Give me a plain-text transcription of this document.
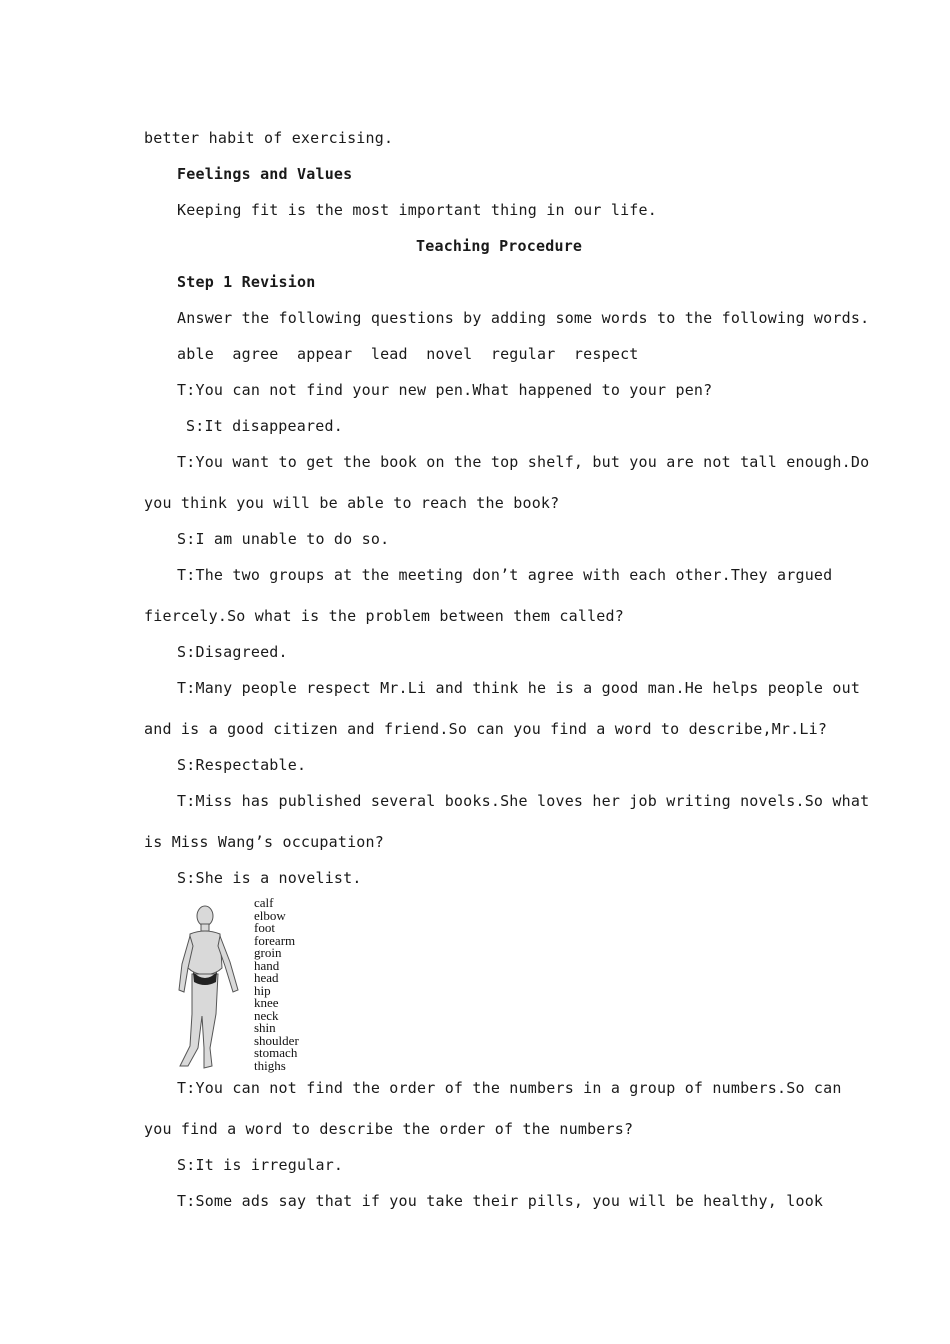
better habit of exercising.
Feelings and Values
Keeping fit is the most important thing in our life.
Teaching Procedure
Step 1 Revision
Answer the following questions by adding some words to the following words.
able  agree  appear  lead  novel  regular  respect
T:You can not find your new pen.What happened to your pen?
S:It disappeared.
T:You want to get the book on the top shelf, but you are not tall enough.Do
you think you will be able to reach the book?
S:I am unable to do so.
T:The two groups at the meeting don’t agree with each other.They argued
fiercely.So what is the problem between them called?
S:Disagreed.
T:Many people respect Mr.Li and think he is a good man.He helps people out
and is a good citizen and friend.So can you find a word to describe,Mr.Li?
S:Respectable.
T:Miss has published several books.She loves her job writing novels.So what
is Miss Wang’s occupation?
S:She is a novelist.
calf
elbow
foot
forearm
groin
hand
head
hip
knee
neck
shin
shoulder
stomach
thighs
T:You can not find the order of the numbers in a group of numbers.So can
you find a word to describe the order of the numbers?
S:It is irregular.
T:Some ads say that if you take their pills, you will be healthy, look
